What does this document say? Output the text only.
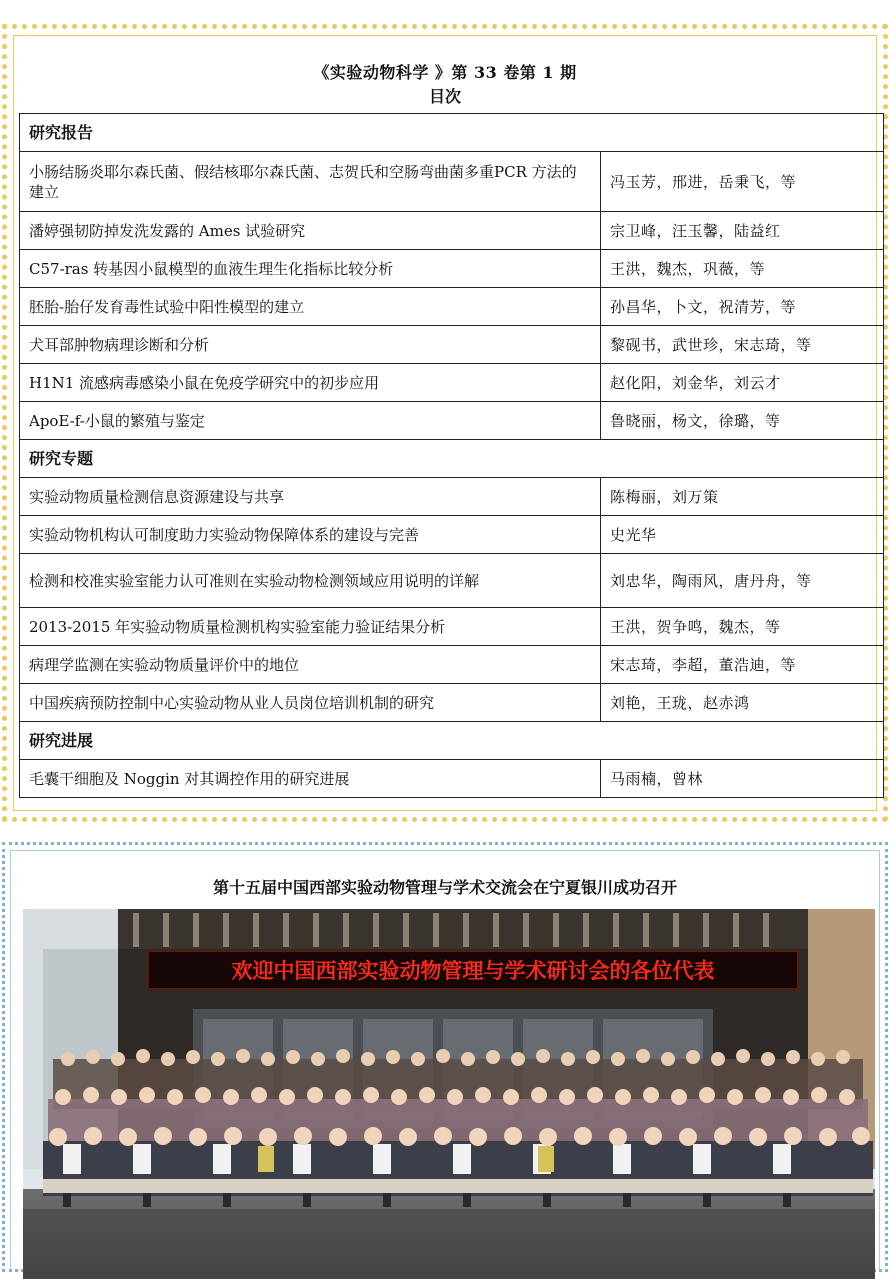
《实验动物科学 》第 33 卷第 1 期
目次
研究报告	
小肠结肠炎耶尔森氏菌、假结核耶尔森氏菌、志贺氏和空肠弯曲菌多重PCR 方法的建立	冯玉芳，邢进，岳秉飞，等
潘婷强韧防掉发洗发露的 Ames 试验研究	宗卫峰，汪玉馨，陆益红
C57-ras 转基因小鼠模型的血液生理生化指标比较分析	王洪，魏杰，巩薇，等
胚胎-胎仔发育毒性试验中阳性模型的建立	孙昌华，卜文，祝清芳，等
犬耳部肿物病理诊断和分析	黎砚书，武世珍，宋志琦，等
H1N1 流感病毒感染小鼠在免疫学研究中的初步应用	赵化阳，刘金华，刘云才
ApoE-f-小鼠的繁殖与鉴定	鲁晓丽，杨文，徐璐，等
研究专题	
实验动物质量检测信息资源建设与共享	陈梅丽，刘万策
实验动物机构认可制度助力实验动物保障体系的建设与完善	史光华
检测和校准实验室能力认可准则在实验动物检测领域应用说明的详解	刘忠华，陶雨风，唐丹舟，等
2013-2015 年实验动物质量检测机构实验室能力验证结果分析	王洪，贺争鸣，魏杰，等
病理学监测在实验动物质量评价中的地位	宋志琦，李超，董浩迪，等
中国疾病预防控制中心实验动物从业人员岗位培训机制的研究	刘艳，王珑，赵赤鸿
研究进展	
毛囊干细胞及 Noggin 对其调控作用的研究进展	马雨楠，曾林
第十五届中国西部实验动物管理与学术交流会在宁夏银川成功召开
欢迎中国西部实验动物管理与学术研讨会的各位代表
